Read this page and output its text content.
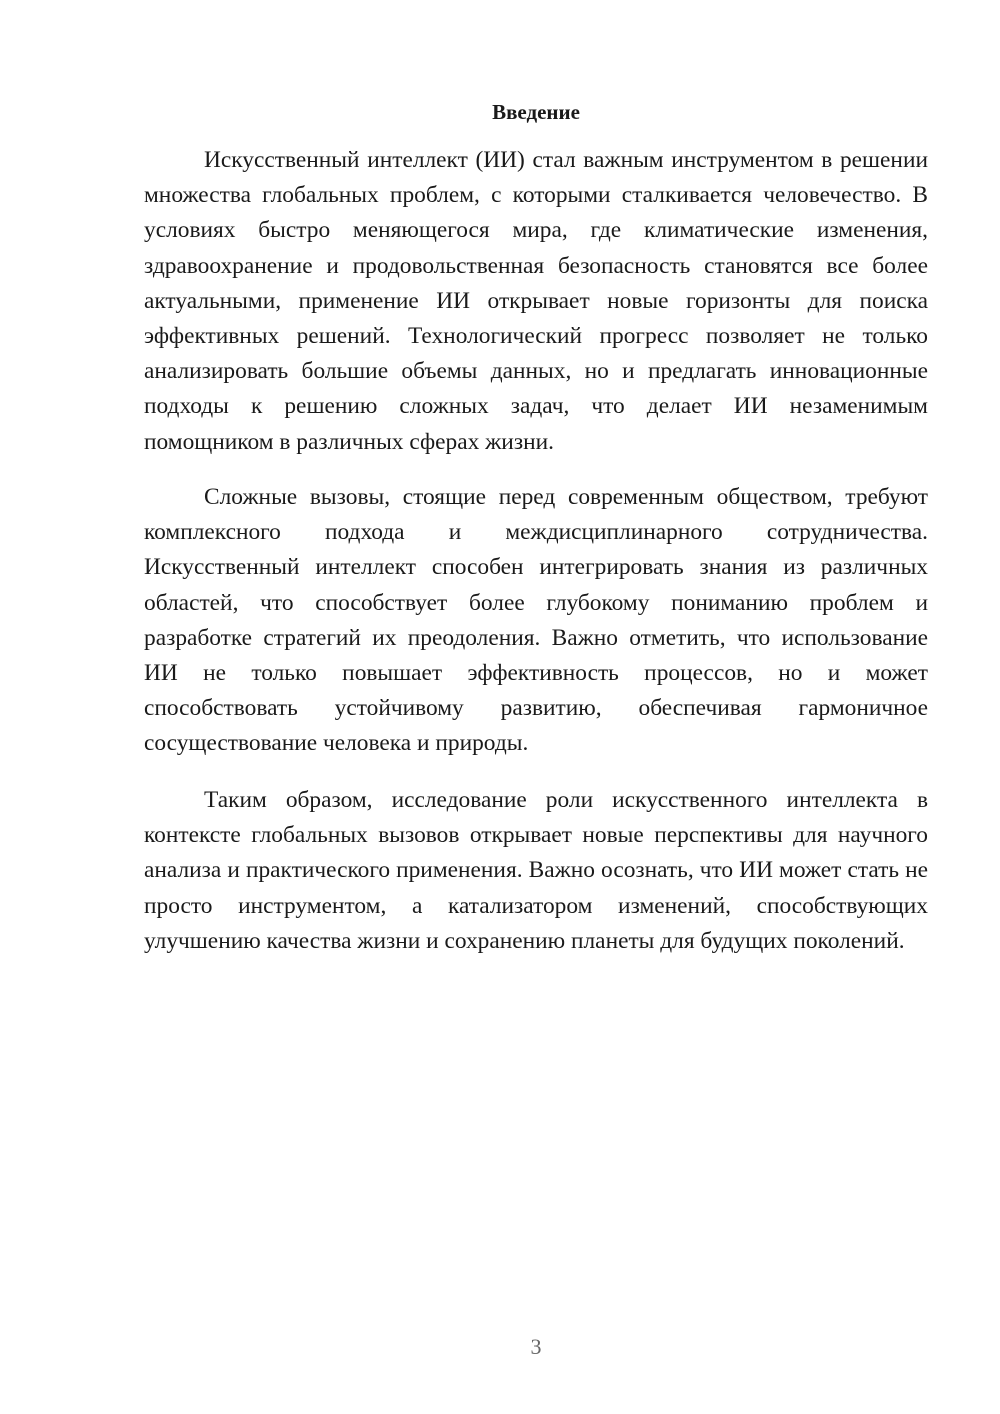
Введение

Искусственный интеллект (ИИ) стал важным инструментом в решении множества глобальных проблем, с которыми сталкивается человечество. В условиях быстро меняющегося мира, где климатические изменения, здравоохранение и продовольственная безопасность становятся все более актуальными, применение ИИ открывает новые горизонты для поиска эффективных решений. Технологический прогресс позволяет не только анализировать большие объемы данных, но и предлагать инновационные подходы к решению сложных задач, что делает ИИ незаменимым помощником в различных сферах жизни.

Сложные вызовы, стоящие перед современным обществом, требуют комплексного подхода и междисциплинарного сотрудничества. Искусственный интеллект способен интегрировать знания из различных областей, что способствует более глубокому пониманию проблем и разработке стратегий их преодоления. Важно отметить, что использование ИИ не только повышает эффективность процессов, но и может способствовать устойчивому развитию, обеспечивая гармоничное сосуществование человека и природы.

Таким образом, исследование роли искусственного интеллекта в контексте глобальных вызовов открывает новые перспективы для научного анализа и практического применения. Важно осознать, что ИИ может стать не просто инструментом, а катализатором изменений, способствующих улучшению качества жизни и сохранению планеты для будущих поколений.

3
